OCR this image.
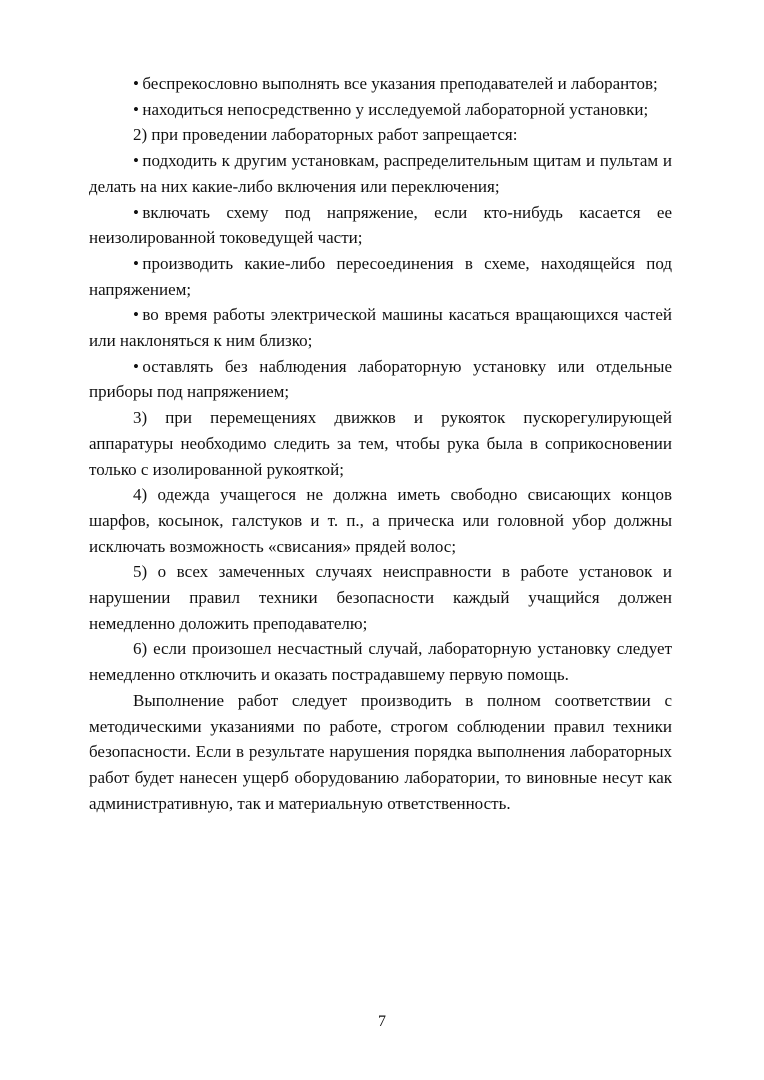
• беспрекословно выполнять все указания преподавателей и лаборантов;

• находиться непосредственно у исследуемой лабораторной установки;

2) при проведении лабораторных работ запрещается:

• подходить к другим установкам, распределительным щитам и пультам и делать на них какие-либо включения или переключения;

• включать схему под напряжение, если кто-нибудь касается ее неизолированной токоведущей части;

• производить какие-либо пересоединения в схеме, находящейся под напряжением;

• во время работы электрической машины касаться вращающихся частей или наклоняться к ним близко;

• оставлять без наблюдения лабораторную установку или отдельные приборы под напряжением;

3) при перемещениях движков и рукояток пускорегулирующей аппаратуры необходимо следить за тем, чтобы рука была в соприкосновении только с изолированной рукояткой;

4) одежда учащегося не должна иметь свободно свисающих концов шарфов, косынок, галстуков и т. п., а прическа или головной убор должны исключать возможность «свисания» прядей волос;

5) о всех замеченных случаях неисправности в работе установок и нарушении правил техники безопасности каждый учащийся должен немедленно доложить преподавателю;

6) если произошел несчастный случай, лабораторную установку следует немедленно отключить и оказать пострадавшему первую помощь.

Выполнение работ следует производить в полном соответствии с методическими указаниями по работе, строгом соблюдении правил техники безопасности. Если в результате нарушения порядка выполнения лабораторных работ будет нанесен ущерб оборудованию лаборатории, то виновные несут как административную, так и материальную ответственность.

7
